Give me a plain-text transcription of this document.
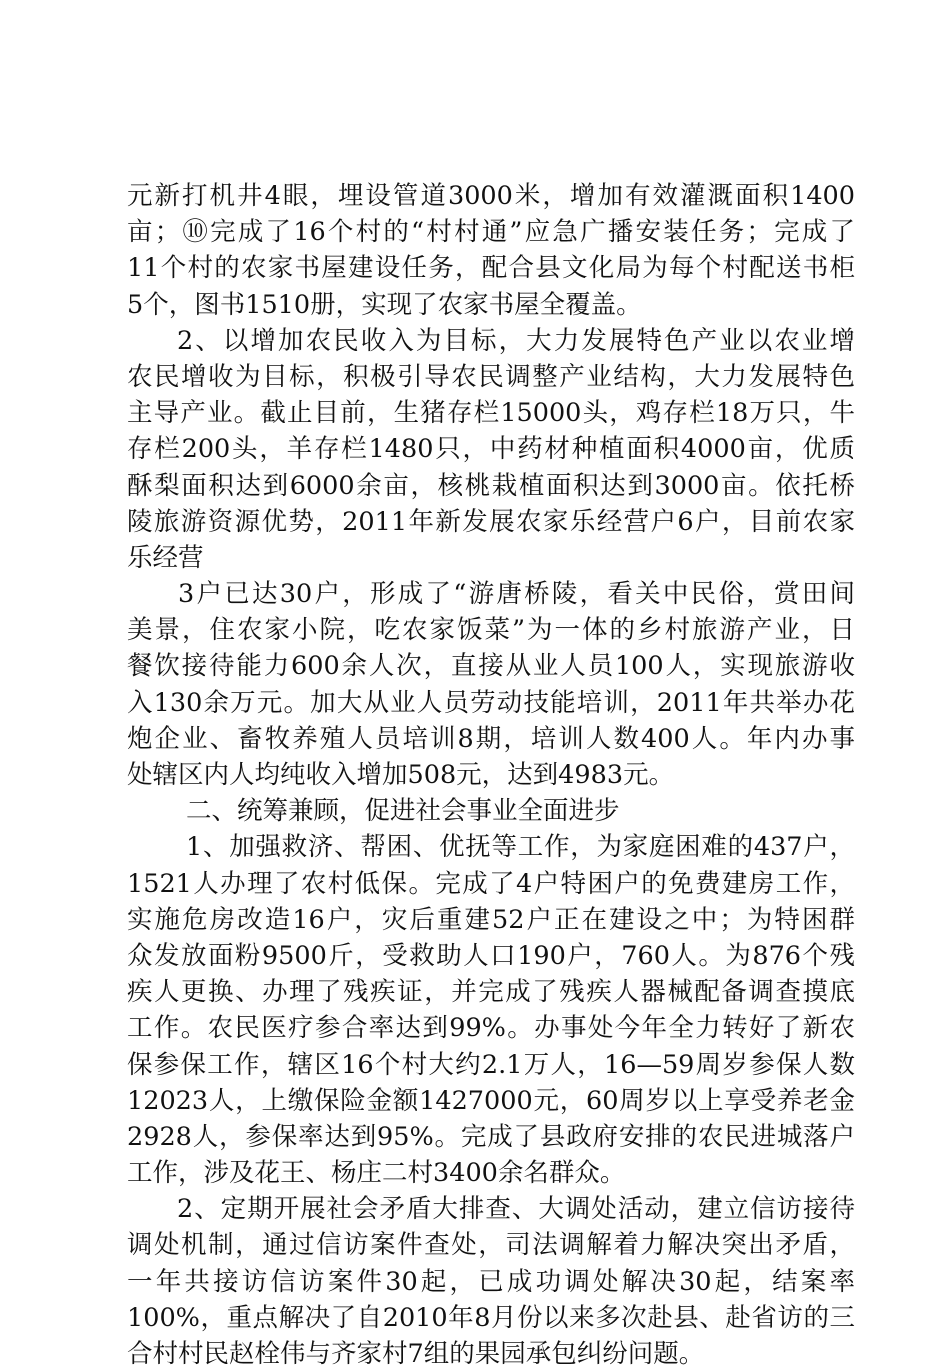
元新打机井4眼，埋设管道3000米，增加有效灌溉面积1400
亩；⑩完成了16个村的“村村通”应急广播安装任务；完成了
11个村的农家书屋建设任务，配合县文化局为每个村配送书柜
5个，图书1510册，实现了农家书屋全覆盖。
2、以增加农民收入为目标，大力发展特色产业以农业增
农民增收为目标，积极引导农民调整产业结构，大力发展特色
主导产业。截止目前，生猪存栏15000头，鸡存栏18万只，牛
存栏200头，羊存栏1480只，中药材种植面积4000亩，优质
酥梨面积达到6000余亩，核桃栽植面积达到3000亩。依托桥
陵旅游资源优势，2011年新发展农家乐经营户6户，目前农家
乐经营
3户已达30户，形成了“游唐桥陵，看关中民俗，赏田间
美景，住农家小院，吃农家饭菜”为一体的乡村旅游产业，日
餐饮接待能力600余人次，直接从业人员100人，实现旅游收
入130余万元。加大从业人员劳动技能培训，2011年共举办花
炮企业、畜牧养殖人员培训8期，培训人数400人。年内办事
处辖区内人均纯收入增加508元，达到4983元。
二、统筹兼顾，促进社会事业全面进步
1、加强救济、帮困、优抚等工作，为家庭困难的437户，
1521人办理了农村低保。完成了4户特困户的免费建房工作，
实施危房改造16户，灾后重建52户正在建设之中；为特困群
众发放面粉9500斤，受救助人口190户，760人。为876个残
疾人更换、办理了残疾证，并完成了残疾人器械配备调查摸底
工作。农民医疗参合率达到99%。办事处今年全力转好了新农
保参保工作，辖区16个村大约2.1万人，16—59周岁参保人数
12023人，上缴保险金额1427000元，60周岁以上享受养老金
2928人，参保率达到95%。完成了县政府安排的农民进城落户
工作，涉及花王、杨庄二村3400余名群众。
2、定期开展社会矛盾大排查、大调处活动，建立信访接待
调处机制，通过信访案件查处，司法调解着力解决突出矛盾，
一年共接访信访案件30起，已成功调处解决30起，结案率
100%，重点解决了自2010年8月份以来多次赴县、赴省访的三
合村村民赵栓伟与齐家村7组的果园承包纠纷问题。
